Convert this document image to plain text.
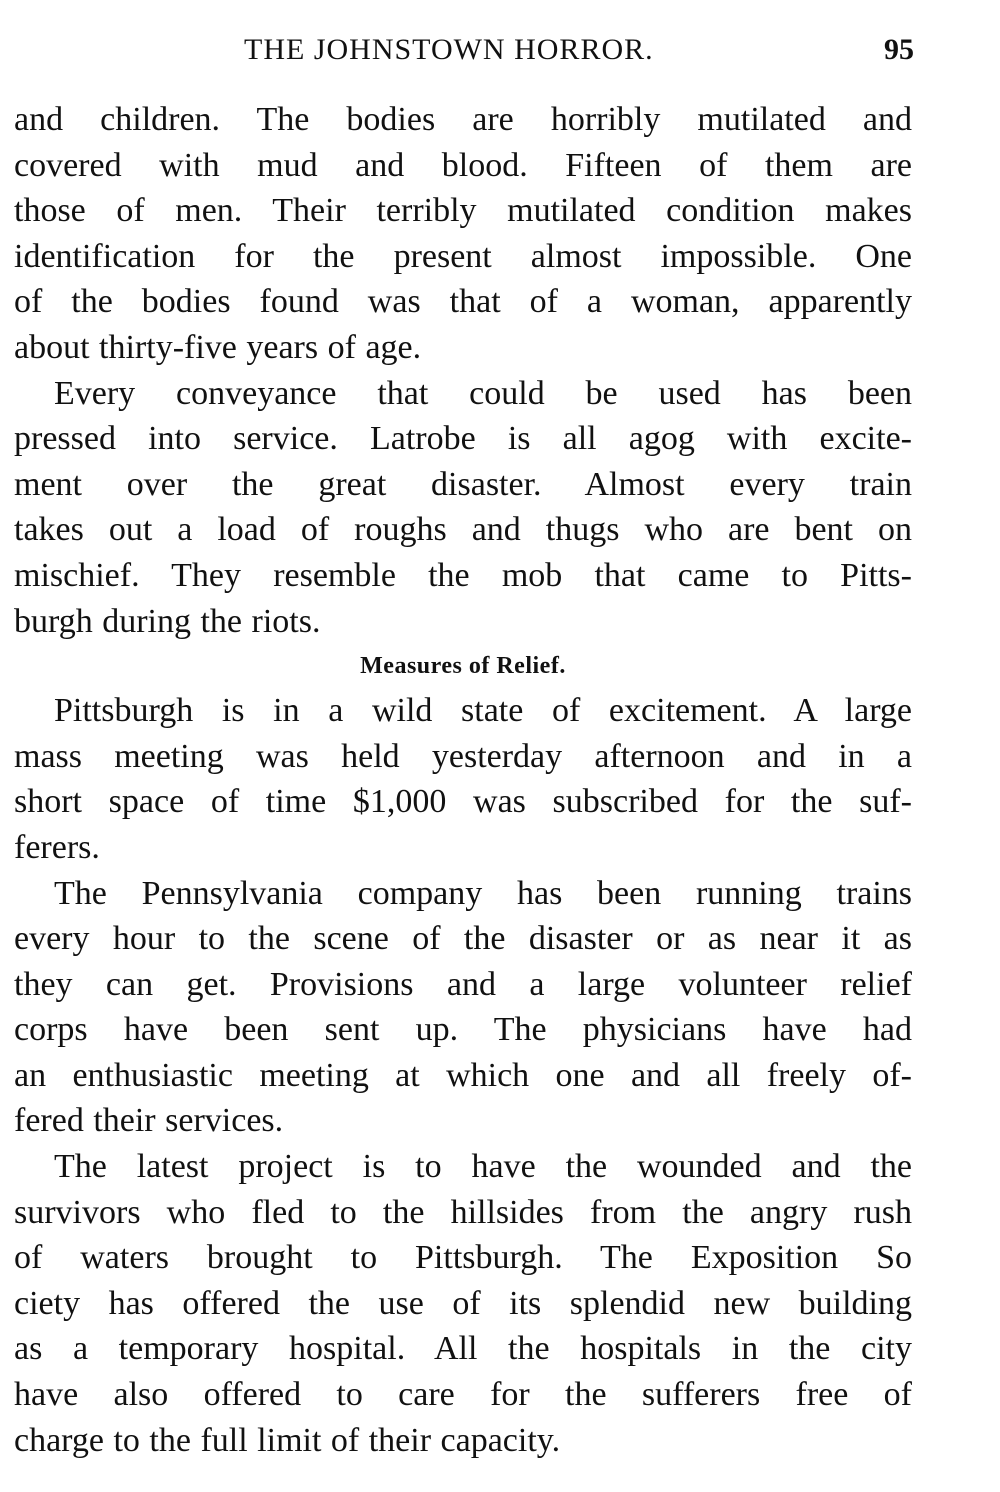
THE JOHNSTOWN HORROR.	95

and children. The bodies are horribly mutilated and
covered with mud and blood. Fifteen of them are
those of men. Their terribly mutilated condition makes
identification for the present almost impossible. One
of the bodies found was that of a woman, apparently
about thirty-five years of age.

Every conveyance that could be used has been

pressed into service. Latrobe is all agog with excite-
ment over the great disaster. Almost every train
takes out a load of roughs and thugs who are bent on
mischief. They resemble the mob that came to Pitts-
burgh during the riots.

Measures of Relief.

Pittsburgh is in a wild state of excitement. A large

mass meeting was held yesterday afternoon and in a
short space of time $1,000 was subscribed for the suf-
ferers.

The Pennsylvania company has been running trains

every hour to the scene of the disaster or as near it as
they can get. Provisions and a large volunteer relief
corps have been sent up. The physicians have had
an enthusiastic meeting at which one and all freely of-
fered their services.

The latest project is to have the wounded and the

survivors who fled to the hillsides from the angry rush
of waters brought to Pittsburgh. The Exposition So
ciety has offered the use of its splendid new building
as a temporary hospital. All the hospitals in the city
have also offered to care for the sufferers free of
charge to the full limit of their capacity.
